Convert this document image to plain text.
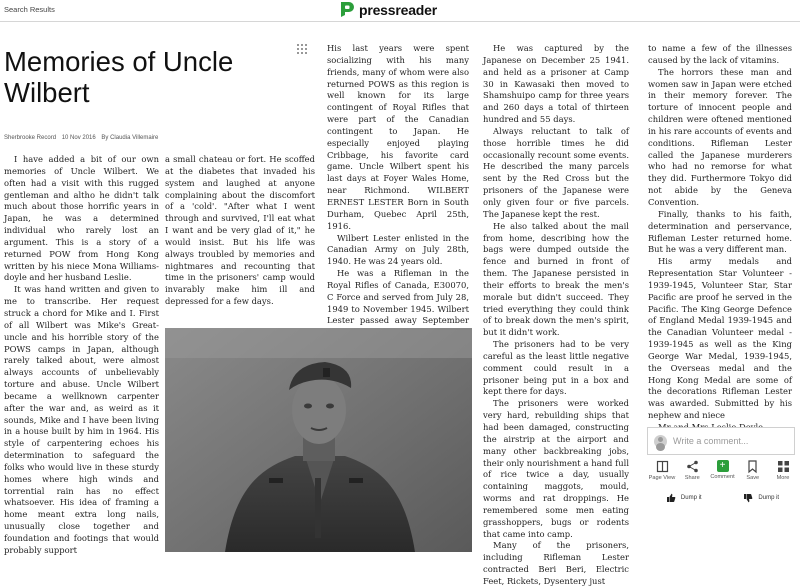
Search Results	pressreader
Memories of Uncle Wilbert
Sherbrooke Record 10 Nov 2016 By Claudia Villemaire

I have added a bit of our own memories of Uncle Wilbert. We often had a visit with this rugged gentleman and altho he didn't talk much about those horrific years in Japan, he was a determined individual who rarely lost an argument. This is a story of a returned POW from Hong Kong written by his niece Mona Williams-doyle and her husband Leslie.

It was hand written and given to me to transcribe. Her request struck a chord for Mike and I. First of all Wilbert was Mike's Great-uncle and his horrible story of the POWS camps in Japan, although rarely talked about, were almost always accounts of unbelievably torture and abuse. Uncle Wilbert became a wellknown carpenter after the war and, as weird as it sounds, Mike and I have been living in a house built by him in 1964. His style of carpentering echoes his determination to safeguard the folks who would live in these sturdy homes where high winds and torrential rain has no effect whatsoever. His idea of framing a home meant extra long nails, unusually close together and foundation and footings that would probably support

a small chateau or fort. He scoffed at the diabetes that invaded his system and laughed at anyone complaining about the discomfort of a 'cold'. "After what I went through and survived, I'll eat what I want and be very glad of it," he would insist. But his life was always troubled by memories and nightmares and recounting that time in the prisoners' camp would invarably make him ill and depressed for a few days.

His last years were spent socializing with his many friends, many of whom were also returned POWS as this region is well known for its large contingent of Royal Rifles that were part of the Canadian contingent to Japan. He especially enjoyed playing Cribbage, his favorite card game. Uncle Wilbert spent his last days at Foyer Wales Home, near Richmond. WILBERT ERNEST LESTER Born in South Durham, Quebec April 25th, 1916.

Wilbert Lester enlisted in the Canadian Army on July 28th, 1940. He was 24 years old.

He was a Rifleman in the Royal Rifles of Canada, E30070, C Force and served from July 28, 1949 to November 1945. Wilbert Lester passed away September

He was captured by the Japanese on December 25 1941. and held as a prisoner at Camp 30 in Kawasaki then moved to Shamshuipo camp for three years and 260 days a total of thirteen hundred and 55 days.

Always reluctant to talk of those horrible times he did occasionally recount some events. He described the many parcels sent by the Red Cross but the prisoners of the Japanese were only given four or five parcels. The Japanese kept the rest.

He also talked about the mail from home, describing how the bags were dumped outside the fence and burned in front of them. The Japanese persisted in their efforts to break the men's morale but didn't succeed. They tried everything they could think of to break down the men's spirit, but it didn't work.

The prisoners had to be very careful as the least little negative comment could result in a prisoner being put in a box and kept there for days.

The prisoners were worked very hard, rebuilding ships that had been damaged, constructing the airstrip at the airport and many other backbreaking jobs, their only nourishment a hand full of rice twice a day, usually containing maggots, mould, worms and rat droppings. He remembered some men eating grasshoppers, bugs or rodents that came into camp.

Many of the prisoners, including Rifleman Lester contracted Beri Beri, Electric Feet, Rickets, Dysentery just

to name a few of the illnesses caused by the lack of vitamins.

The horrors these man and women saw in Japan were etched in their memory forever. The torture of innocent people and children were oftened mentioned in his rare accounts of events and conditions. Rifleman Lester called the Japanese murderers who had no remorse for what they did. Furthermore Tokyo did not abide by the Geneva Convention.

Finally, thanks to his faith, determination and perservance, Rifleman Lester returned home. But he was a very different man.

His army medals and Representation Star Volunteer - 1939-1945, Volunteer Star, Star Pacific are proof he served in the Pacific. The King George Defence of England Medal 1939-1945 and the Canadian Volunteer medal - 1939-1945 as well as the King George War Medal, 1939-1945, the Overseas medal and the Hong Kong Medal are some of the decorations Rifleman Lester was awarded. Submitted by his nephew and niece

Write a comment...
Page View Share
+
Comment Save	More
Dump it	Dump it
